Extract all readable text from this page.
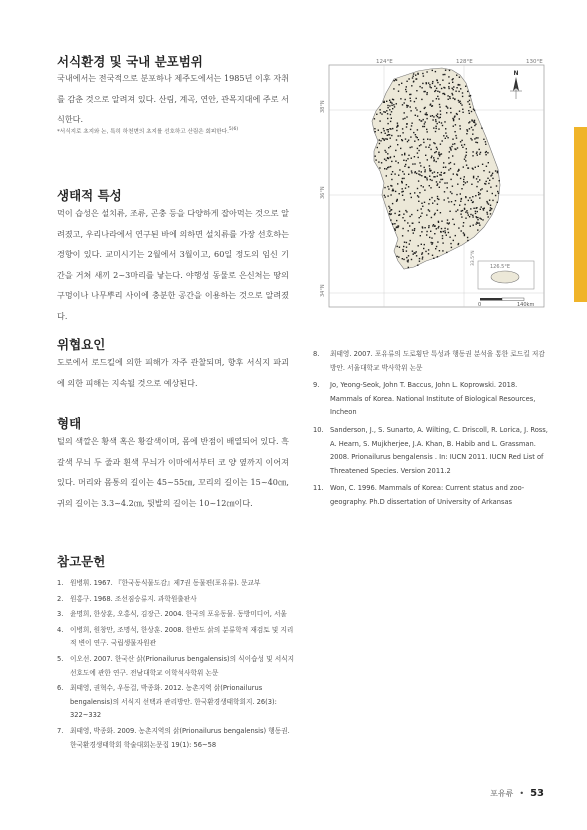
서식환경 및 국내 분포범위

국내에서는 전국적으로 분포하나 제주도에서는 1985년 이후 자취를 감춘 것으로 알려져 있다. 산림, 계곡, 연안, 관목지대에 주로 서식한다.

*서식지로 초지와 논, 특히 하천변의 초지를 선호하고 산림은 회피한다.$^{5)6)}$

생태적 특성

먹이 습성은 설치류, 조류, 곤충 등을 다양하게 잡아먹는 것으로 알려졌고, 우리나라에서 연구된 바에 의하면 설치류를 가장 선호하는 경향이 있다. 교미시기는 2월에서 3월이고, 60일 정도의 임신 기간을 거쳐 새끼 2~3마리를 낳는다. 야행성 동물로 은신처는 땅의 구멍이나 나무뿌리 사이에 충분한 공간을 이용하는 것으로 알려졌다.

위협요인

도로에서 로드킬에 의한 피해가 자주 관찰되며, 향후 서식지 파괴에 의한 피해는 지속될 것으로 예상된다.

형태

털의 색깔은 황색 혹은 황갈색이며, 몸에 반점이 배열되어 있다. 흑갈색 무늬 두 줄과 흰색 무늬가 이마에서부터 코 양 옆까지 이어져 있다. 머리와 몸통의 길이는 45~55㎝, 꼬리의 길이는 15~40㎝, 귀의 길이는 3.3~4.2㎝, 뒷발의 길이는 10~12㎝이다.

참고문헌
1. 원병휘. 1967. 『한국동식물도감』제7권 동물편(포유류). 문교부
2. 원홍구. 1968. 조선짐승류지. 과학원출판사
3. 윤명희, 한상훈, 오홍식, 김장근. 2004. 한국의 포유동물. 동방미디어, 서울
4. 이병희, 원창만, 조명석, 한상훈. 2008. 한반도 삵의 분류학적 재검토 및 지리적 변이 연구. 국립생물자원관
5. 이오선. 2007. 한국산 삵(Prionailurus bengalensis)의 식이습성 및 서식지 선호도에 관한 연구. 전남대학교 이학석사학위 논문
6. 최태영, 권혁수, 우동걸, 박종화. 2012. 농촌지역 삵(Prionailurus bengalensis)의 서식지 선택과 관리방안. 한국환경생태학회지. 26(3): 322~332
7. 최태영, 박종화. 2009. 농촌지역의 삵(Prionailurus bengalensis) 행동권. 한국환경생태학회 학술대회논문집 19(1): 56~58
8. 최태영. 2007. 포유류의 도로횡단 특성과 행동권 분석을 통한 로드킬 저감방안. 서울대학교 박사학위 논문
9. Jo, Yeong-Seok, John T. Baccus, John L. Koprowski. 2018. Mammals of Korea. National Institute of Biological Resources, Incheon
10. Sanderson, J., S. Sunarto, A. Wilting, C. Driscoll, R. Lorica, J. Ross, A. Hearn, S. Mujkherjee, J.A. Khan, B. Habib and L. Grassman. 2008. Prionailurus bengalensis . In: IUCN 2011. IUCN Red List of Threatened Species. Version 2011.2
11. Won, C. 1996. Mammals of Korea: Current status and zoo-geography. Ph.D dissertation of University of Arkansas
126.5°E
33.5°N
124°E	128°E	130°E
38°N
36°N
34°N
N
0	140km
포유류 • 53
